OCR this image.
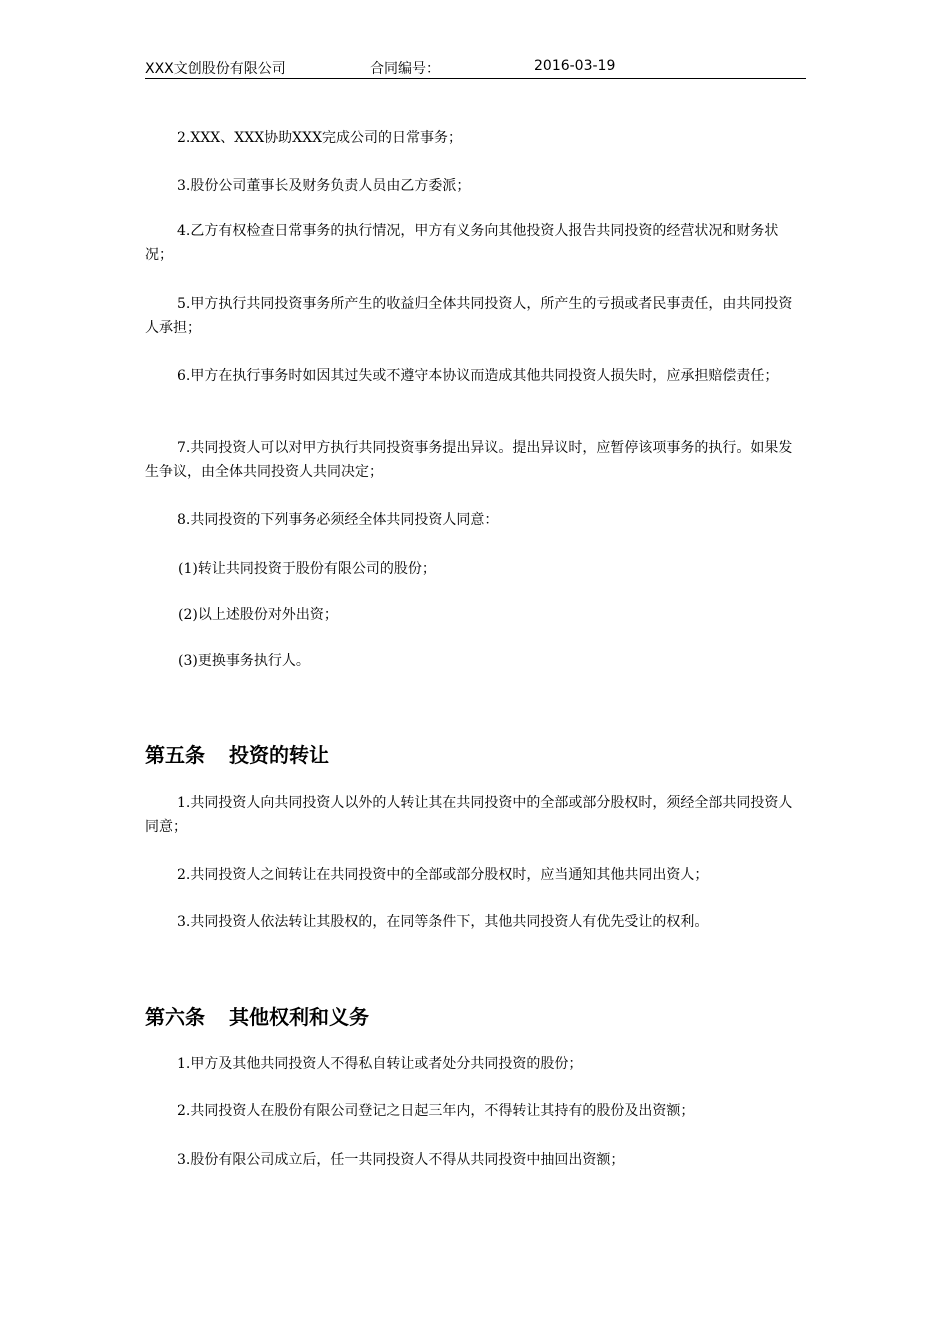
XXX文创股份有限公司	合同编号：	2016-03-19
2.XXX、XXX协助XXX完成公司的日常事务；
3.股份公司董事长及财务负责人员由乙方委派；
4.乙方有权检查日常事务的执行情况，甲方有义务向其他投资人报告共同投资的经营状况和财务状况；
5.甲方执行共同投资事务所产生的收益归全体共同投资人，所产生的亏损或者民事责任，由共同投资人承担；
6.甲方在执行事务时如因其过失或不遵守本协议而造成其他共同投资人损失时，应承担赔偿责任；
7.共同投资人可以对甲方执行共同投资事务提出异议。提出异议时，应暂停该项事务的执行。如果发生争议，由全体共同投资人共同决定；
8.共同投资的下列事务必须经全体共同投资人同意：
(1)转让共同投资于股份有限公司的股份；
(2)以上述股份对外出资；
(3)更换事务执行人。
第五条 投资的转让
1.共同投资人向共同投资人以外的人转让其在共同投资中的全部或部分股权时，须经全部共同投资人同意；
2.共同投资人之间转让在共同投资中的全部或部分股权时，应当通知其他共同出资人；
3.共同投资人依法转让其股权的，在同等条件下，其他共同投资人有优先受让的权利。
第六条 其他权利和义务
1.甲方及其他共同投资人不得私自转让或者处分共同投资的股份；
2.共同投资人在股份有限公司登记之日起三年内，不得转让其持有的股份及出资额；
3.股份有限公司成立后，任一共同投资人不得从共同投资中抽回出资额；
